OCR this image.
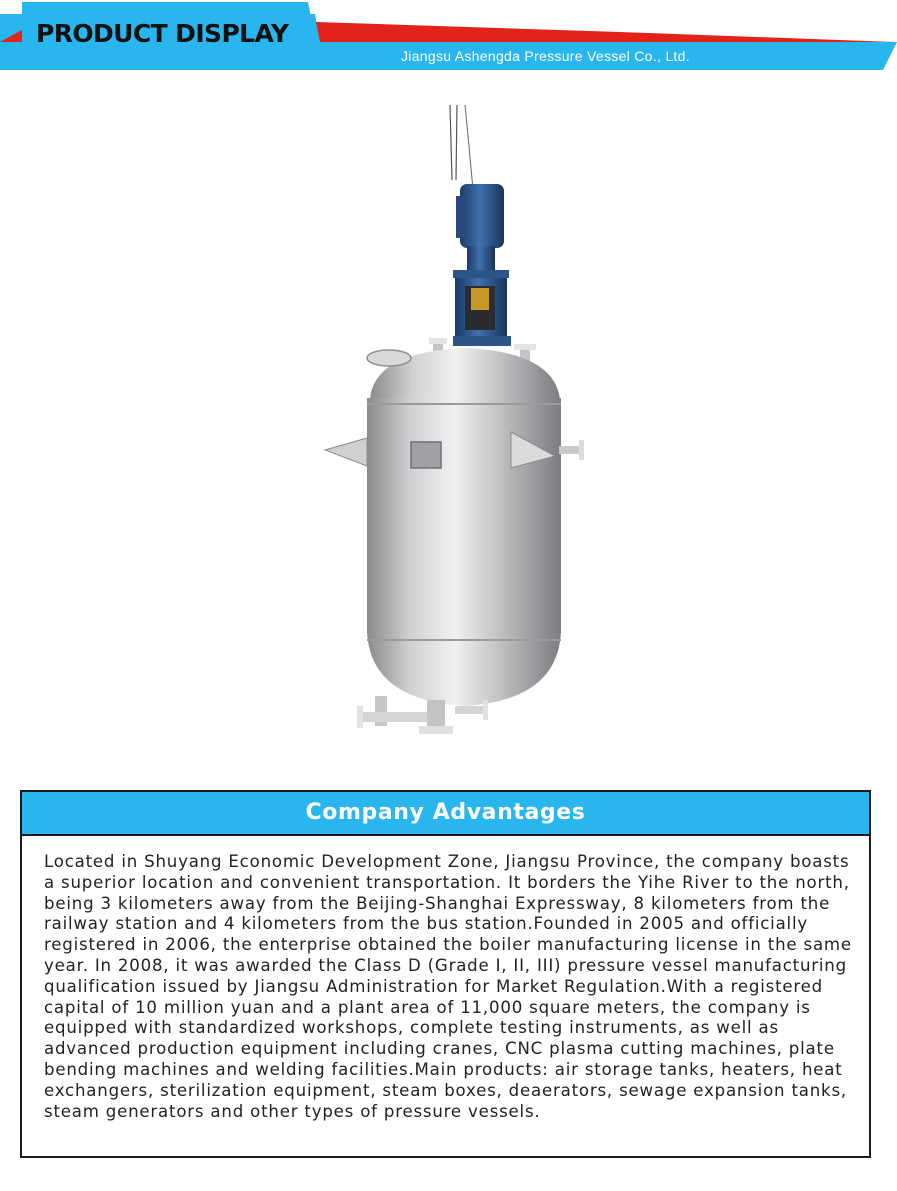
PRODUCT DISPLAY
Jiangsu Ashengda Pressure Vessel Co., Ltd.
Company Advantages

Located in Shuyang Economic Development Zone, Jiangsu Province, the company boasts a superior location and convenient transportation. It borders the Yihe River to the north, being 3 kilometers away from the Beijing-Shanghai Expressway, 8 kilometers from the railway station and 4 kilometers from the bus station.Founded in 2005 and officially registered in 2006, the enterprise obtained the boiler manufacturing license in the same year. In 2008, it was awarded the Class D (Grade I, II, III) pressure vessel manufacturing qualification issued by Jiangsu Administration for Market Regulation.With a registered capital of 10 million yuan and a plant area of 11,000 square meters, the company is equipped with standardized workshops, complete testing instruments, as well as advanced production equipment including cranes, CNC plasma cutting machines, plate bending machines and welding facilities.Main products: air storage tanks, heaters, heat exchangers, sterilization equipment, steam boxes, deaerators, sewage expansion tanks, steam generators and other types of pressure vessels.
